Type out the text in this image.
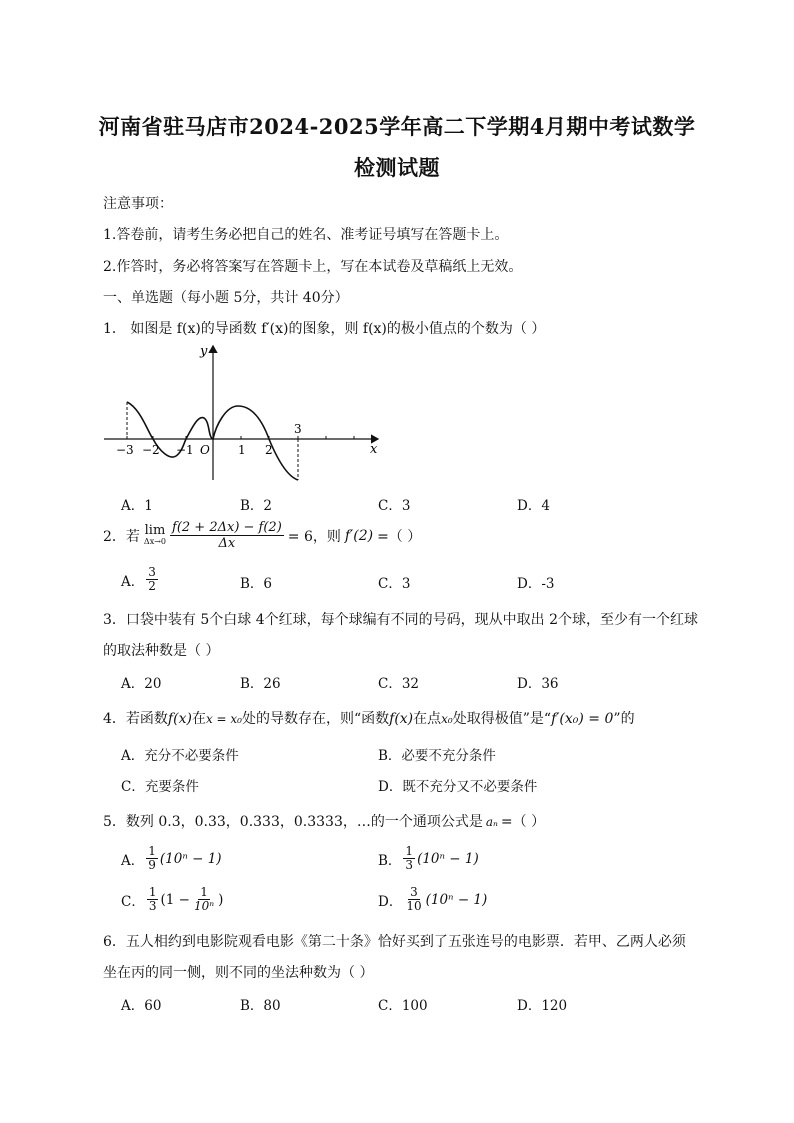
河南省驻马店市2024-2025学年高二下学期4月期中考试数学
检测试题
注意事项：
1.答卷前，请考生务必把自己的姓名、准考证号填写在答题卡上。
2.作答时，务必将答案写在答题卡上，写在本试卷及草稿纸上无效。
一、单选题（每小题 5分，共计 40分）
1． 如图是 f(x)的导函数 f′(x)的图象，则 f(x)的极小值点的个数为（ ）
y
x
O
−3 −2 −1	1 2
3
A．1	B．2	C．3	D．4
2．若 lim
$\Delta x\to 0 \frac{f(2 + 2\Delta x) - f(2)}{\Delta x} = 6$，则 f′(2) =（ ）
A． $\frac{3}{2}$	B．6	C．3	D．-3
3．口袋中装有 5个白球 4个红球，每个球编有不同的号码，现从中取出 2个球，至少有一个红球
的取法种数是（ ）
A．20	B．26	C．32	D．36
4．若函数f(x)在x = x₀处的导数存在，则“函数f(x)在点x₀处取得极值”是“f′(x₀) = 0”的
A．充分不必要条件	B．必要不充分条件
C．充要条件	D．既不充分又不必要条件
5．数列 0.3，0.33，0.333，0.3333，…的一个通项公式是 aₙ =（ ）
A． $\frac{1}{9} (10^n - 1)$	B． $\frac{1}{3} (10^n - 1)$
C． $\frac{1}{3} (1 - \frac{1}{\text{10ⁿ}}$ )	D． $\frac{3}{10} (10^n - 1)$
6．五人相约到电影院观看电影《第二十条》恰好买到了五张连号的电影票．若甲、乙两人必须
坐在丙的同一侧，则不同的坐法种数为（ ）
A．60	B．80	C．100	D．120
